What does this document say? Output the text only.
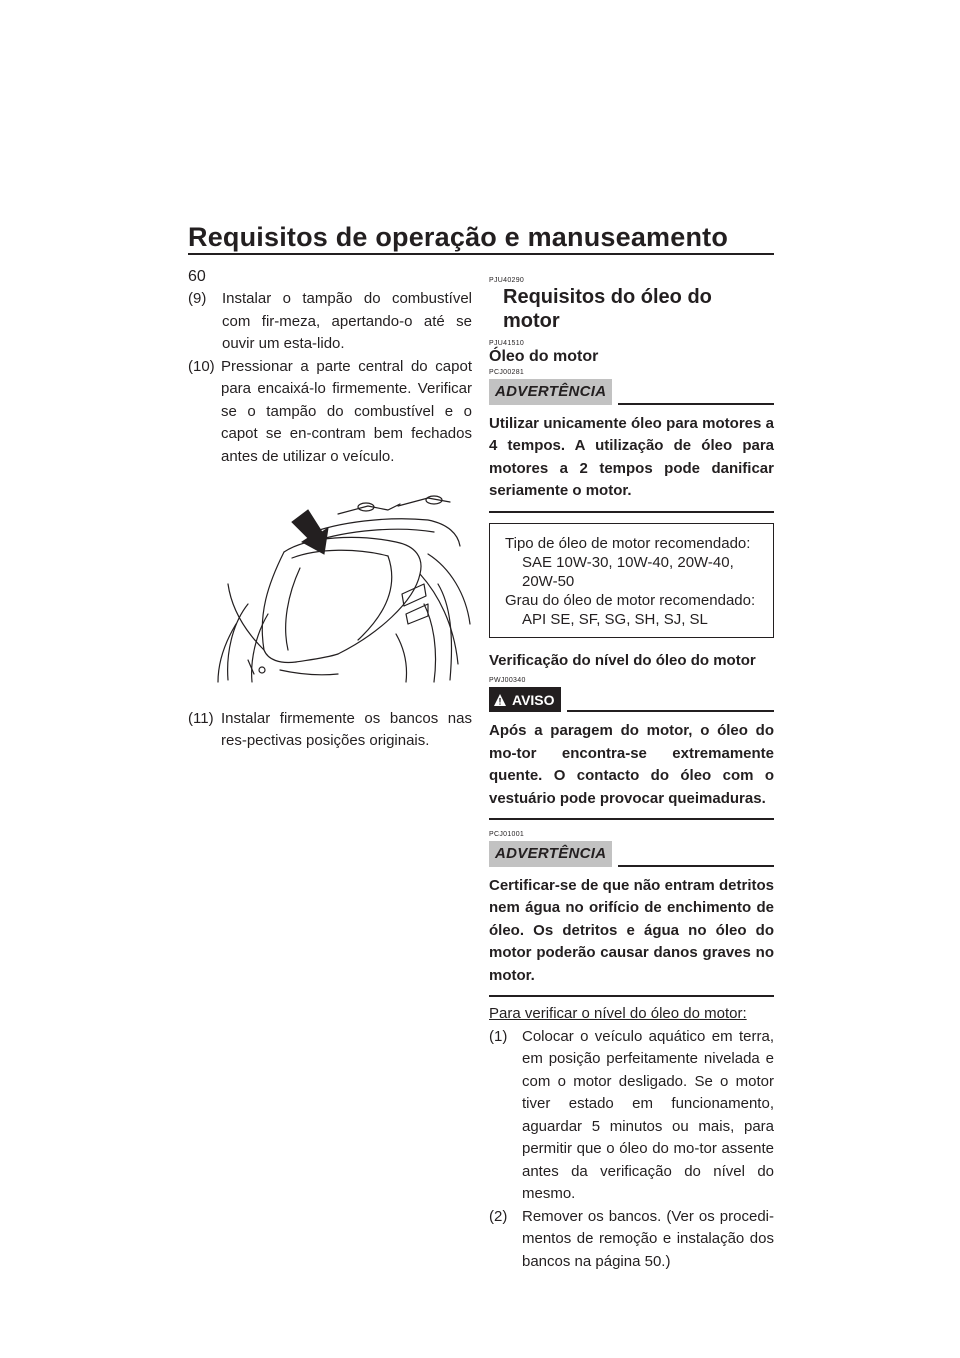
Requisitos de operação e manuseamento
60
(9)	Instalar o tampão do combustível com fir-meza, apertando-o até se ouvir um esta-lido.
(10) Pressionar a parte central do capot para encaixá-lo firmemente. Verificar se o tampão do combustível e o capot se en-contram bem fechados antes de utilizar o veículo.
(11) Instalar firmemente os bancos nas res-pectivas posições originais.
PJU40290
Requisitos do óleo do motor
PJU41510
Óleo do motor
PCJ00281
ADVERTÊNCIA
Utilizar unicamente óleo para motores a 4 tempos. A utilização de óleo para motores a 2 tempos pode danificar seriamente o motor.
Tipo de óleo de motor recomendado:
SAE 10W-30, 10W-40, 20W-40, 20W-50
Grau do óleo de motor recomendado:
API SE, SF, SG, SH, SJ, SL
Verificação do nível do óleo do motor
PWJ00340
AVISO
Após a paragem do motor, o óleo do mo-tor encontra-se extremamente quente. O contacto do óleo com o vestuário pode provocar queimaduras.
PCJ01001
ADVERTÊNCIA
Certificar-se de que não entram detritos nem água no orifício de enchimento de óleo. Os detritos e água no óleo do motor poderão causar danos graves no motor.
Para verificar o nível do óleo do motor:
(1) Colocar o veículo aquático em terra, em posição perfeitamente nivelada e com o motor desligado. Se o motor tiver estado em funcionamento, aguardar 5 minutos ou mais, para permitir que o óleo do mo-tor assente antes da verificação do nível do mesmo.
(2) Remover os bancos. (Ver os procedi-mentos de remoção e instalação dos bancos na página 50.)
